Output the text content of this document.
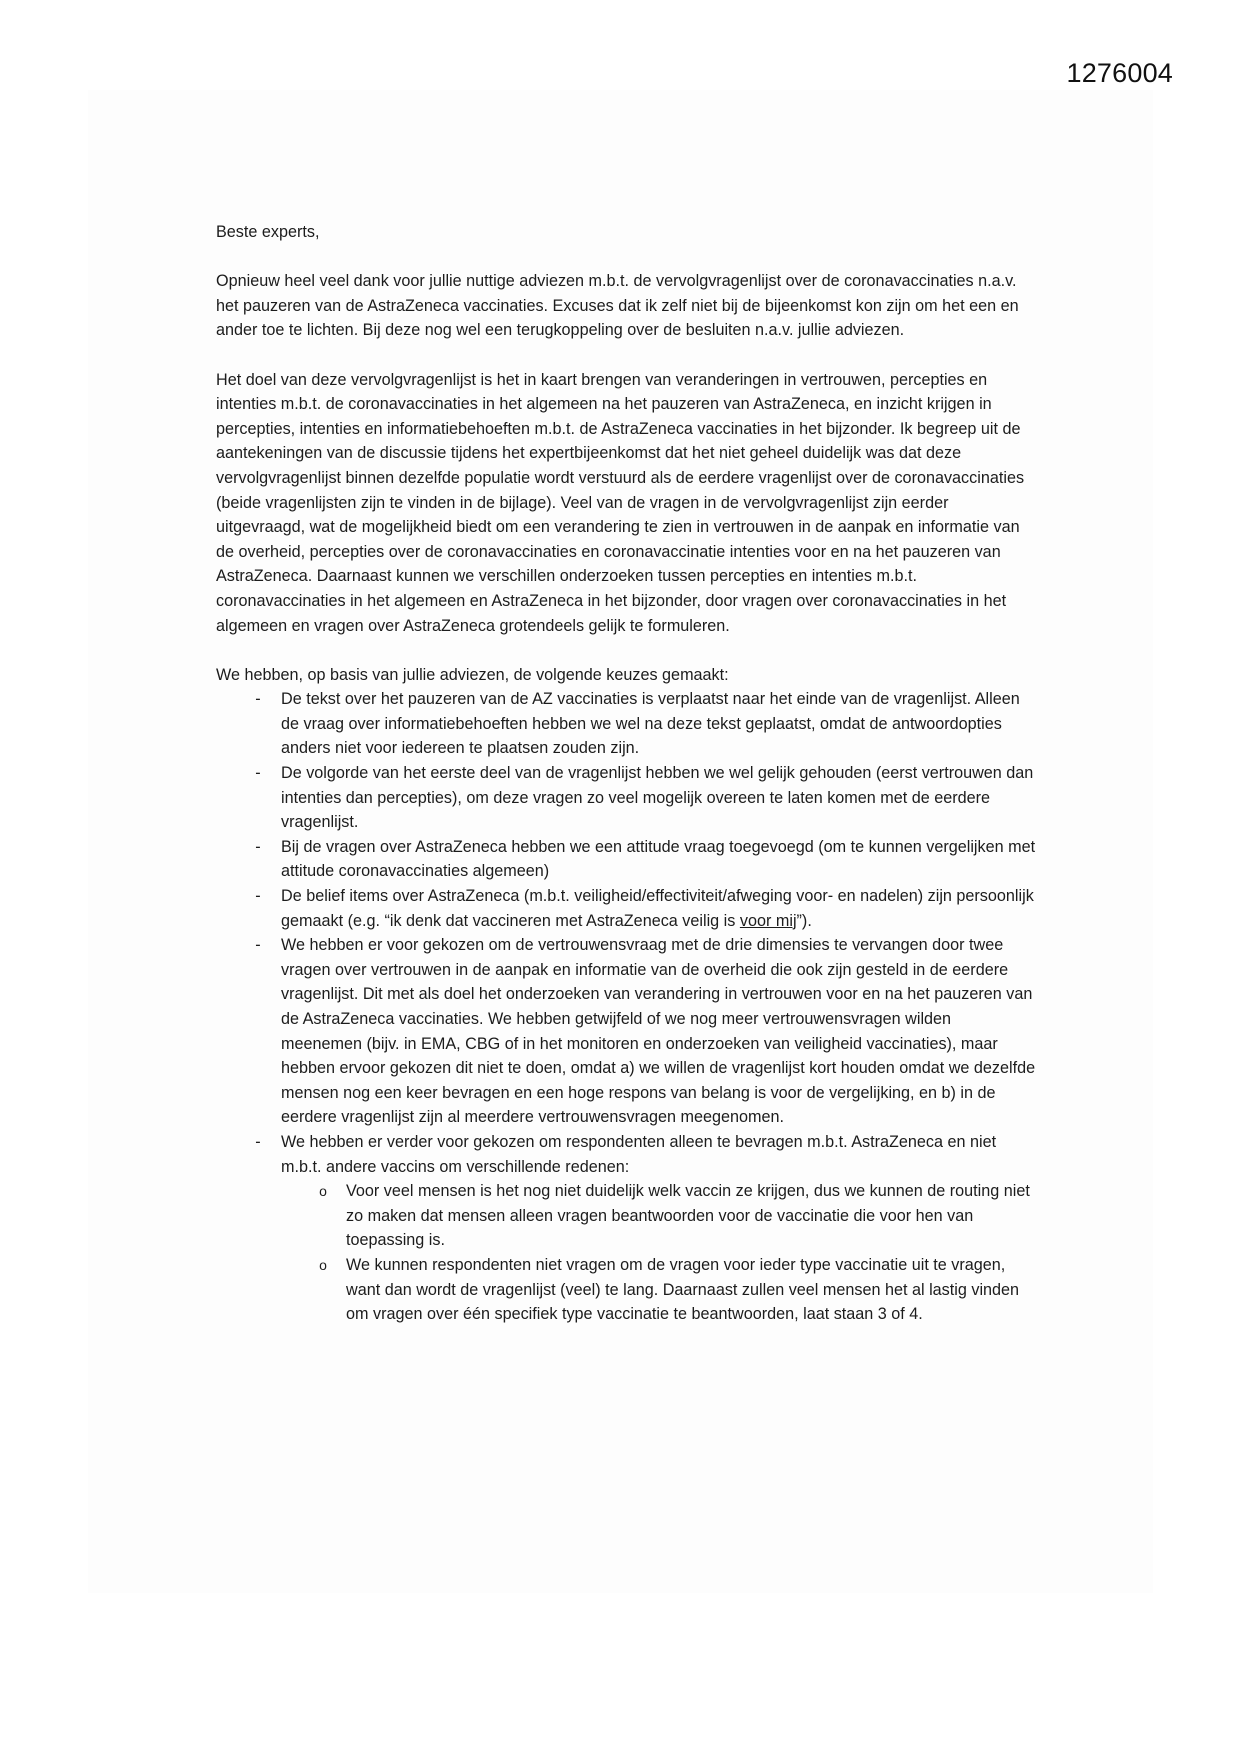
1276004

Beste experts,

Opnieuw heel veel dank voor jullie nuttige adviezen m.b.t. de vervolgvragenlijst over de coronavaccinaties n.a.v. het pauzeren van de AstraZeneca vaccinaties. Excuses dat ik zelf niet bij de bijeenkomst kon zijn om het een en ander toe te lichten. Bij deze nog wel een terugkoppeling over de besluiten n.a.v. jullie adviezen.

Het doel van deze vervolgvragenlijst is het in kaart brengen van veranderingen in vertrouwen, percepties en intenties m.b.t. de coronavaccinaties in het algemeen na het pauzeren van AstraZeneca, en inzicht krijgen in percepties, intenties en informatiebehoeften m.b.t. de AstraZeneca vaccinaties in het bijzonder. Ik begreep uit de aantekeningen van de discussie tijdens het expertbijeenkomst dat het niet geheel duidelijk was dat deze vervolgvragenlijst binnen dezelfde populatie wordt verstuurd als de eerdere vragenlijst over de coronavaccinaties (beide vragenlijsten zijn te vinden in de bijlage). Veel van de vragen in de vervolgvragenlijst zijn eerder uitgevraagd, wat de mogelijkheid biedt om een verandering te zien in vertrouwen in de aanpak en informatie van de overheid, percepties over de coronavaccinaties en coronavaccinatie intenties voor en na het pauzeren van AstraZeneca. Daarnaast kunnen we verschillen onderzoeken tussen percepties en intenties m.b.t. coronavaccinaties in het algemeen en AstraZeneca in het bijzonder, door vragen over coronavaccinaties in het algemeen en vragen over AstraZeneca grotendeels gelijk te formuleren.

We hebben, op basis van jullie adviezen, de volgende keuzes gemaakt:

- De tekst over het pauzeren van de AZ vaccinaties is verplaatst naar het einde van de vragenlijst. Alleen de vraag over informatiebehoeften hebben we wel na deze tekst geplaatst, omdat de antwoordopties anders niet voor iedereen te plaatsen zouden zijn.
- De volgorde van het eerste deel van de vragenlijst hebben we wel gelijk gehouden (eerst vertrouwen dan intenties dan percepties), om deze vragen zo veel mogelijk overeen te laten komen met de eerdere vragenlijst.
- Bij de vragen over AstraZeneca hebben we een attitude vraag toegevoegd (om te kunnen vergelijken met attitude coronavaccinaties algemeen)
- De belief items over AstraZeneca (m.b.t. veiligheid/effectiviteit/afweging voor- en nadelen) zijn persoonlijk gemaakt (e.g. “ik denk dat vaccineren met AstraZeneca veilig is voor mij”).
- We hebben er voor gekozen om de vertrouwensvraag met de drie dimensies te vervangen door twee vragen over vertrouwen in de aanpak en informatie van de overheid die ook zijn gesteld in de eerdere vragenlijst. Dit met als doel het onderzoeken van verandering in vertrouwen voor en na het pauzeren van de AstraZeneca vaccinaties. We hebben getwijfeld of we nog meer vertrouwensvragen wilden meenemen (bijv. in EMA, CBG of in het monitoren en onderzoeken van veiligheid vaccinaties), maar hebben ervoor gekozen dit niet te doen, omdat a) we willen de vragenlijst kort houden omdat we dezelfde mensen nog een keer bevragen en een hoge respons van belang is voor de vergelijking, en b) in de eerdere vragenlijst zijn al meerdere vertrouwensvragen meegenomen.
- We hebben er verder voor gekozen om respondenten alleen te bevragen m.b.t. AstraZeneca en niet m.b.t. andere vaccins om verschillende redenen:
o Voor veel mensen is het nog niet duidelijk welk vaccin ze krijgen, dus we kunnen de routing niet zo maken dat mensen alleen vragen beantwoorden voor de vaccinatie die voor hen van toepassing is.
o We kunnen respondenten niet vragen om de vragen voor ieder type vaccinatie uit te vragen, want dan wordt de vragenlijst (veel) te lang. Daarnaast zullen veel mensen het al lastig vinden om vragen over één specifiek type vaccinatie te beantwoorden, laat staan 3 of 4.
